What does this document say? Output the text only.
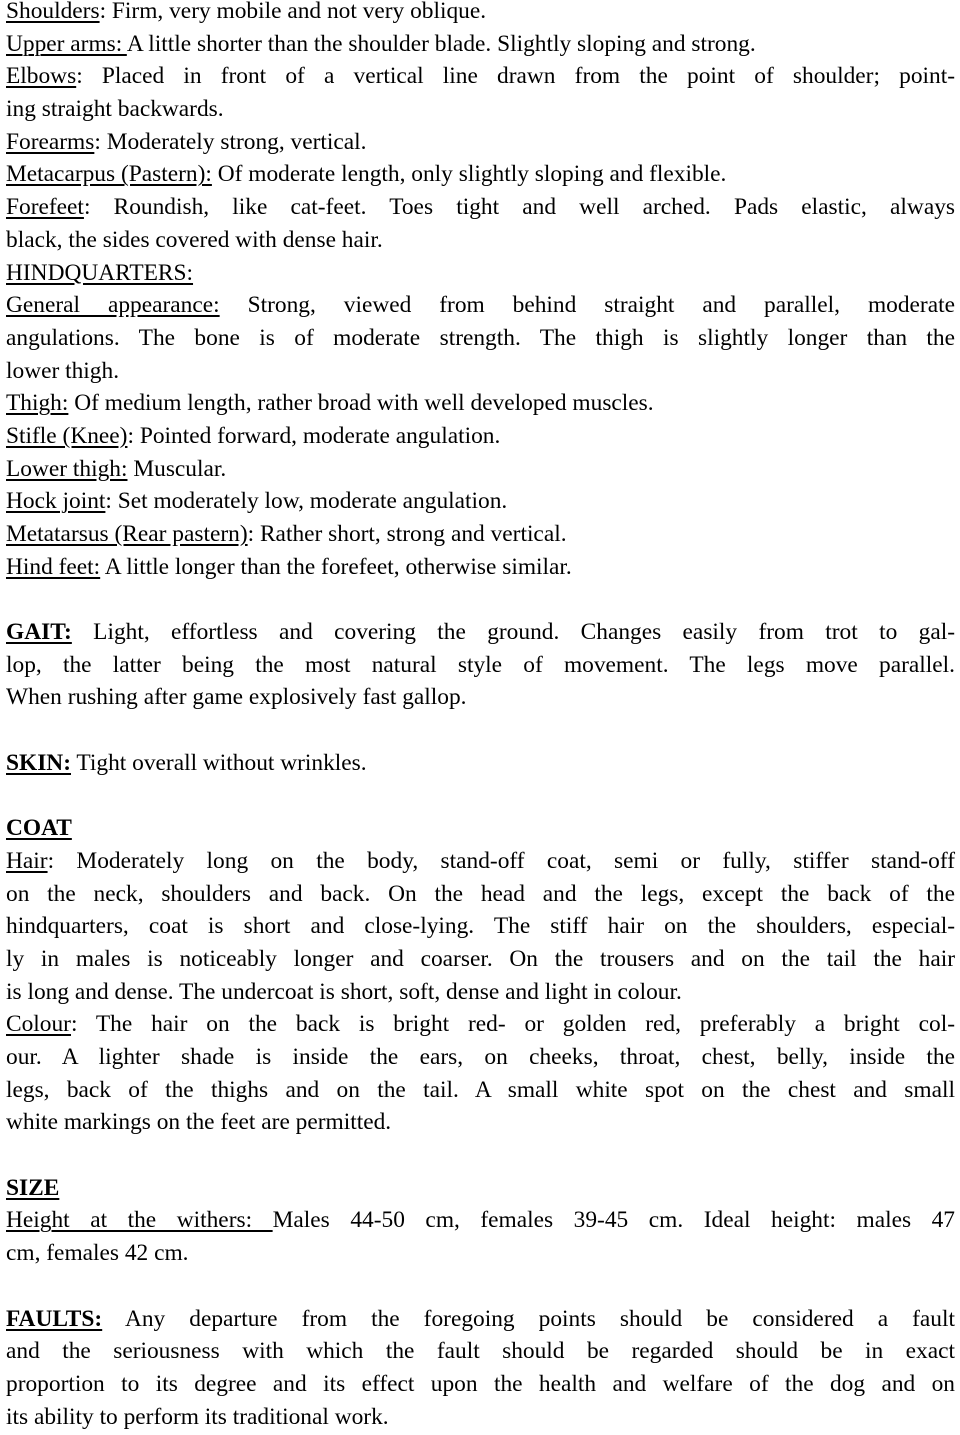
Shoulders: Firm, very mobile and not very oblique.
Upper arms: A little shorter than the shoulder blade. Slightly sloping and strong.
Elbows: Placed in front of a vertical line drawn from the point of shoulder; point-
ing straight backwards.
Forearms: Moderately strong, vertical.
Metacarpus (Pastern): Of moderate length, only slightly sloping and flexible.
Forefeet: Roundish, like cat-feet. Toes tight and well arched. Pads elastic, always
black, the sides covered with dense hair.
HINDQUARTERS:
General appearance: Strong, viewed from behind straight and parallel, moderate
angulations. The bone is of moderate strength. The thigh is slightly longer than the
lower thigh.
Thigh: Of medium length, rather broad with well developed muscles.
Stifle (Knee): Pointed forward, moderate angulation.
Lower thigh: Muscular.
Hock joint: Set moderately low, moderate angulation.
Metatarsus (Rear pastern): Rather short, strong and vertical.
Hind feet: A little longer than the forefeet, otherwise similar.
GAIT: Light, effortless and covering the ground. Changes easily from trot to gal-
lop, the latter being the most natural style of movement. The legs move parallel.
When rushing after game explosively fast gallop.
SKIN: Tight overall without wrinkles.
COAT
Hair: Moderately long on the body, stand-off coat, semi or fully, stiffer stand-off
on the neck, shoulders and back. On the head and the legs, except the back of the
hindquarters, coat is short and close-lying. The stiff hair on the shoulders, especial-
ly in males is noticeably longer and coarser. On the trousers and on the tail the hair
is long and dense. The undercoat is short, soft, dense and light in colour.
Colour: The hair on the back is bright red- or golden red, preferably a bright col-
our. A lighter shade is inside the ears, on cheeks, throat, chest, belly, inside the
legs, back of the thighs and on the tail. A small white spot on the chest and small
white markings on the feet are permitted.
SIZE
Height at the withers: Males 44-50 cm, females 39-45 cm. Ideal height: males 47
cm, females 42 cm.
FAULTS: Any departure from the foregoing points should be considered a fault
and the seriousness with which the fault should be regarded should be in exact
proportion to its degree and its effect upon the health and welfare of the dog and on
its ability to perform its traditional work.
